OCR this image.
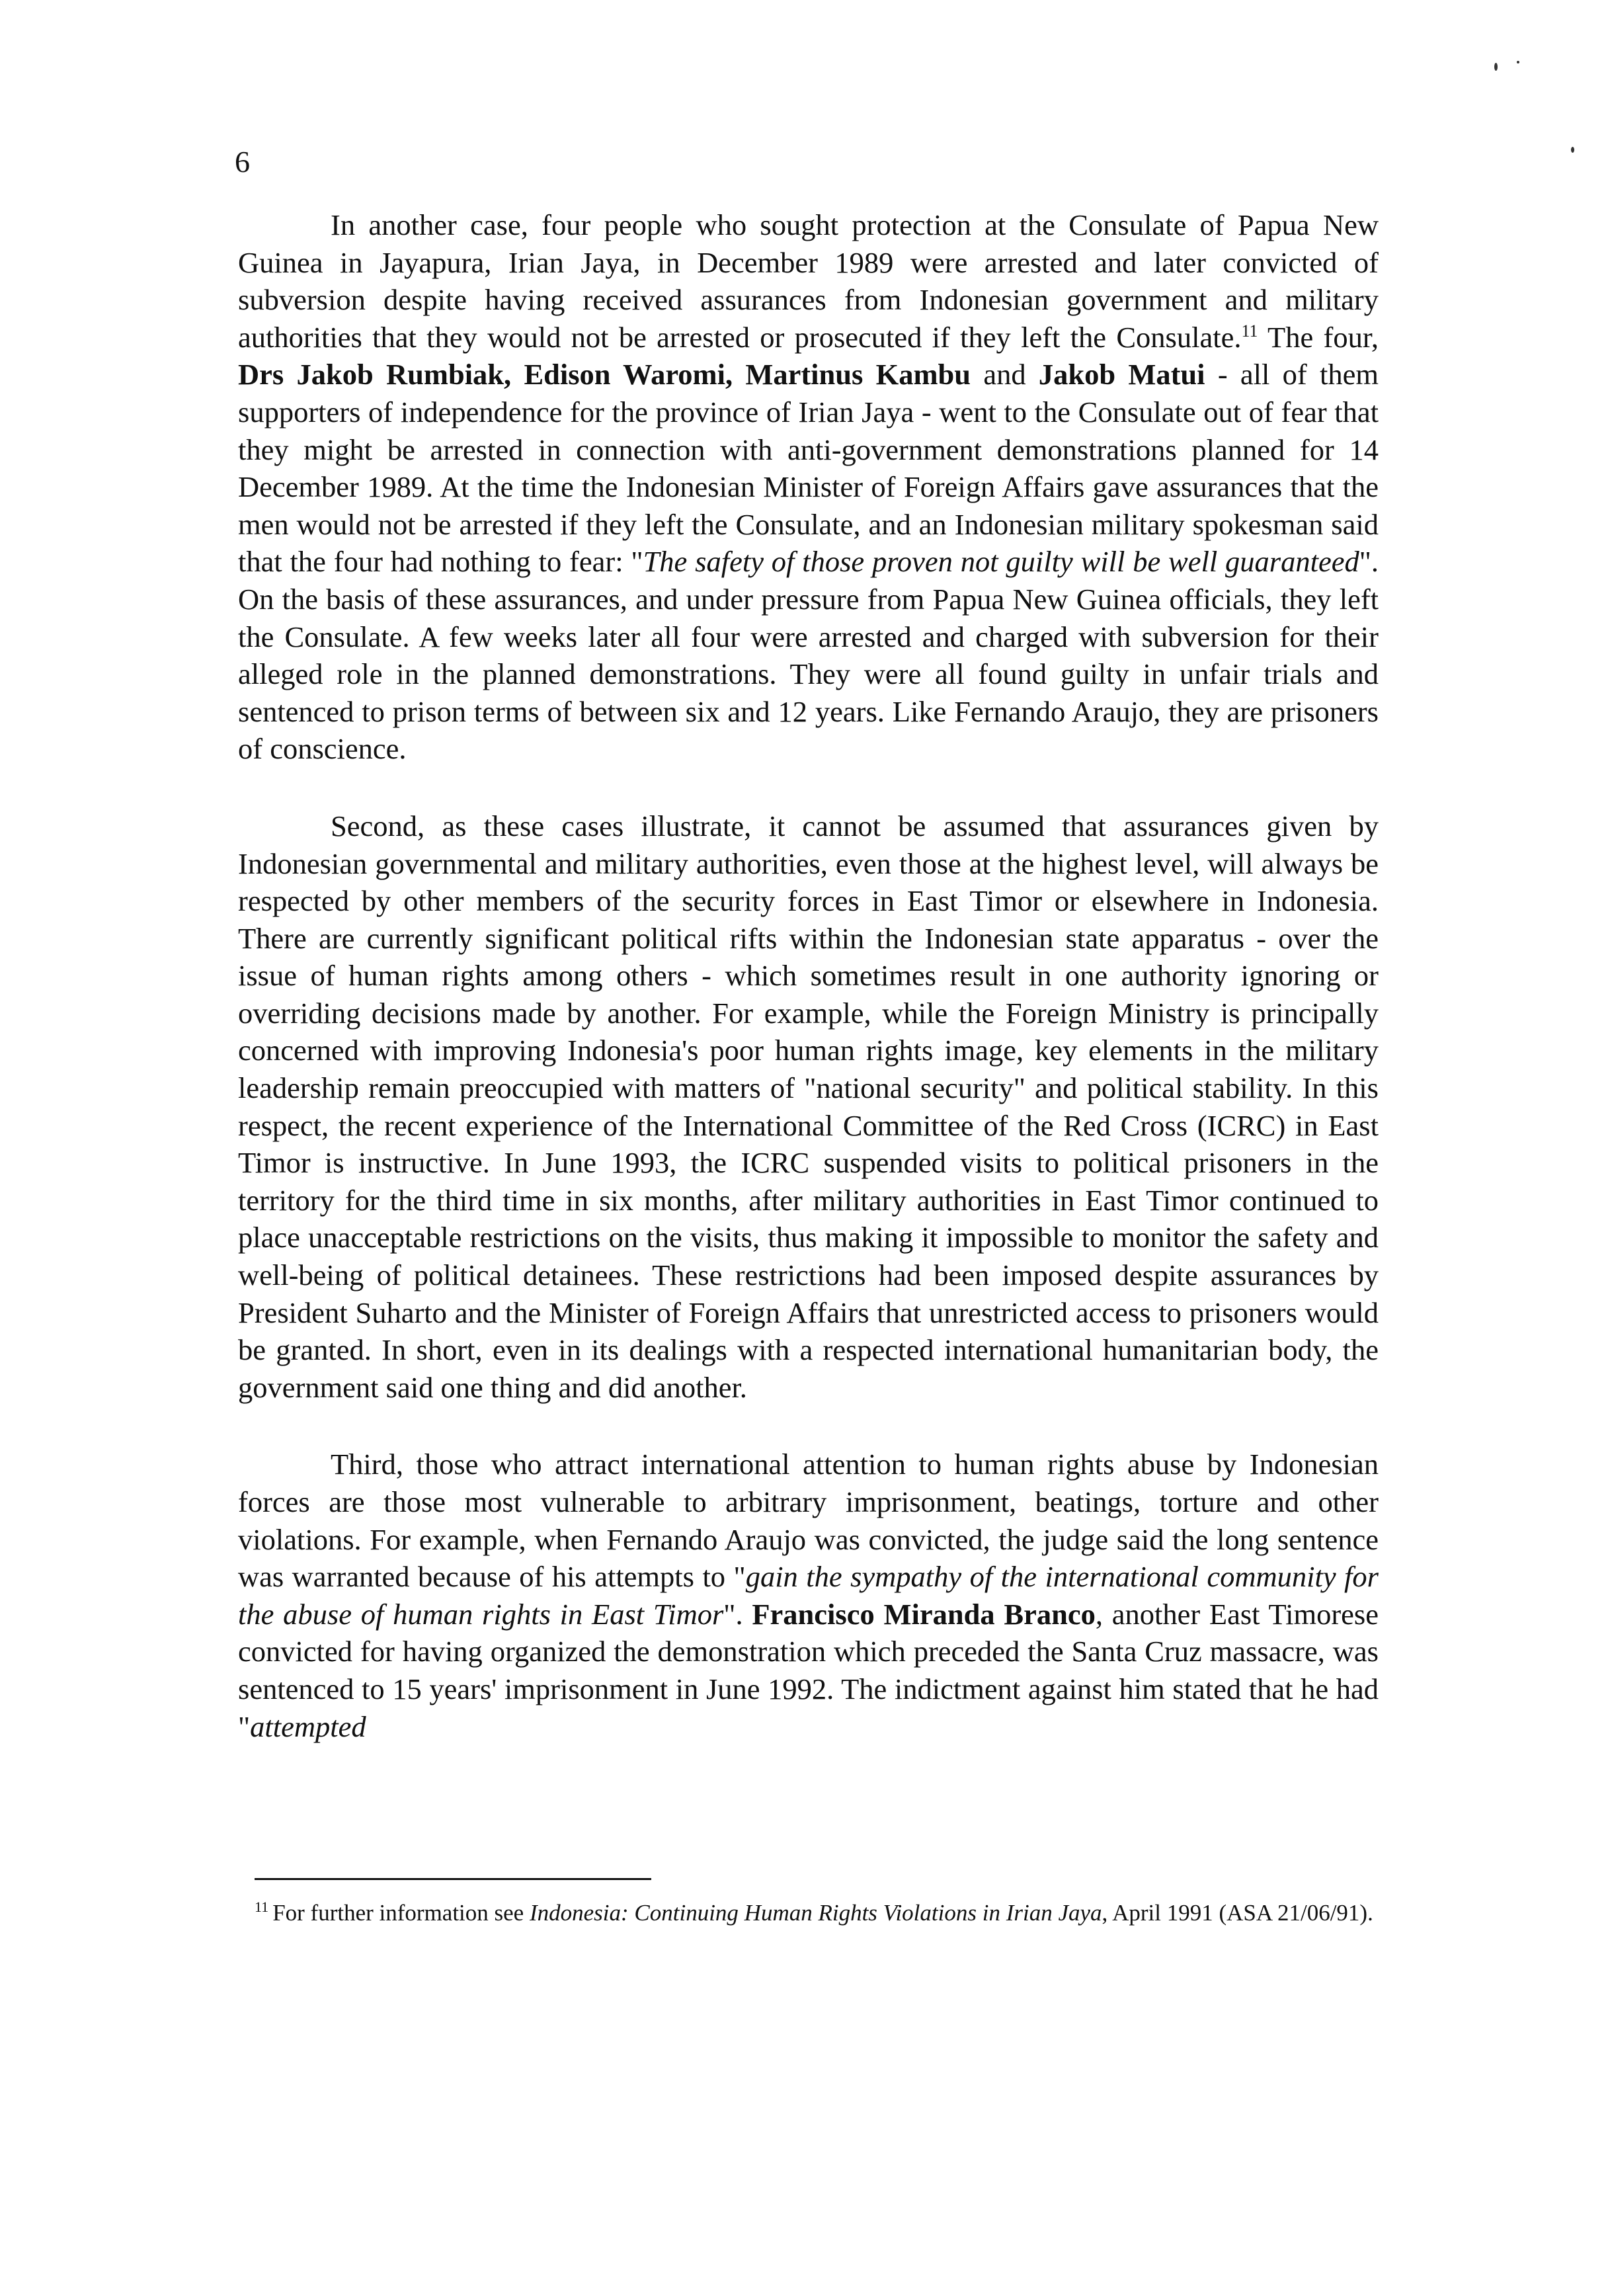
6

In another case, four people who sought protection at the Consulate of Papua New Guinea in Jayapura, Irian Jaya, in December 1989 were arrested and later convicted of subversion despite having received assurances from Indonesian government and military authorities that they would not be arrested or prosecuted if they left the Consulate.$^{11}$ The four, Drs Jakob Rumbiak, Edison Waromi, Martinus Kambu and Jakob Matui - all of them supporters of independence for the province of Irian Jaya - went to the Consulate out of fear that they might be arrested in connection with anti-government demonstrations planned for 14 December 1989. At the time the Indonesian Minister of Foreign Affairs gave assurances that the men would not be arrested if they left the Consulate, and an Indonesian military spokesman said that the four had nothing to fear: "The safety of those proven not guilty will be well guaranteed". On the basis of these assurances, and under pressure from Papua New Guinea officials, they left the Consulate. A few weeks later all four were arrested and charged with subversion for their alleged role in the planned demonstrations. They were all found guilty in unfair trials and sentenced to prison terms of between six and 12 years. Like Fernando Araujo, they are prisoners of conscience.

Second, as these cases illustrate, it cannot be assumed that assurances given by Indonesian governmental and military authorities, even those at the highest level, will always be respected by other members of the security forces in East Timor or elsewhere in Indonesia. There are currently significant political rifts within the Indonesian state apparatus - over the issue of human rights among others - which sometimes result in one authority ignoring or overriding decisions made by another. For example, while the Foreign Ministry is principally concerned with improving Indonesia's poor human rights image, key elements in the military leadership remain preoccupied with matters of "national security" and political stability. In this respect, the recent experience of the International Committee of the Red Cross (ICRC) in East Timor is instructive. In June 1993, the ICRC suspended visits to political prisoners in the territory for the third time in six months, after military authorities in East Timor continued to place unacceptable restrictions on the visits, thus making it impossible to monitor the safety and well-being of political detainees. These restrictions had been imposed despite assurances by President Suharto and the Minister of Foreign Affairs that unrestricted access to prisoners would be granted. In short, even in its dealings with a respected international humanitarian body, the government said one thing and did another.

Third, those who attract international attention to human rights abuse by Indonesian forces are those most vulnerable to arbitrary imprisonment, beatings, torture and other violations. For example, when Fernando Araujo was convicted, the judge said the long sentence was warranted because of his attempts to "gain the sympathy of the international community for the abuse of human rights in East Timor". Francisco Miranda Branco, another East Timorese convicted for having organized the demonstration which preceded the Santa Cruz massacre, was sentenced to 15 years' imprisonment in June 1992. The indictment against him stated that he had "attempted

$^{11}$ For further information see Indonesia: Continuing Human Rights Violations in Irian Jaya, April 1991 (ASA 21/06/91).
